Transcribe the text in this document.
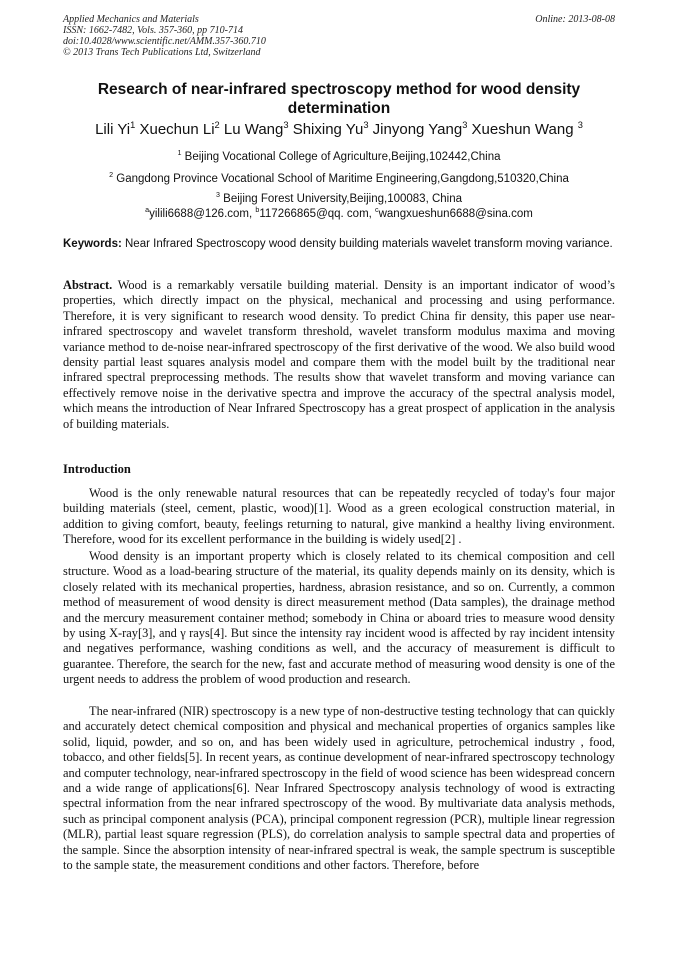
Applied Mechanics and Materials
ISSN: 1662-7482, Vols. 357-360, pp 710-714
doi:10.4028/www.scientific.net/AMM.357-360.710
© 2013 Trans Tech Publications Ltd, Switzerland
Online: 2013-08-08
Research of near-infrared spectroscopy method for wood density determination
Lili Yi$^1$ Xuechun Li$^2$ Lu Wang$^3$ Shixing Yu$^3$ Jinyong Yang$^3$ Xueshun Wang $^3$
$^1$ Beijing Vocational College of Agriculture,Beijing,102442,China
$^2$ Gangdong Province Vocational School of Maritime Engineering,Gangdong,510320,China
$^3$ Beijing Forest University,Beijing,100083, China
$^a$yilili6688@126.com, $^b$117266865@qq. com, $^c$wangxueshun6688@sina.com
Keywords: Near Infrared Spectroscopy wood density building materials wavelet transform moving variance.
Abstract. Wood is a remarkably versatile building material. Density is an important indicator of wood’s properties, which directly impact on the physical, mechanical and processing and using performance. Therefore, it is very significant to research wood density. To predict China fir density, this paper use near-infrared spectroscopy and wavelet transform threshold, wavelet transform modulus maxima and moving variance method to de-noise near-infrared spectroscopy of the first derivative of the wood. We also build wood density partial least squares analysis model and compare them with the model built by the traditional near infrared spectral preprocessing methods. The results show that wavelet transform and moving variance can effectively remove noise in the derivative spectra and improve the accuracy of the spectral analysis model, which means the introduction of Near Infrared Spectroscopy has a great prospect of application in the analysis of building materials.
Introduction
Wood is the only renewable natural resources that can be repeatedly recycled of today's four major building materials (steel, cement, plastic, wood)[1]. Wood as a green ecological construction material, in addition to giving comfort, beauty, feelings returning to natural, give mankind a healthy living environment. Therefore, wood for its excellent performance in the building is widely used[2] .
Wood density is an important property which is closely related to its chemical composition and cell structure. Wood as a load-bearing structure of the material, its quality depends mainly on its density, which is closely related with its mechanical properties, hardness, abrasion resistance, and so on. Currently, a common method of measurement of wood density is direct measurement method (Data samples), the drainage method and the mercury measurement container method; somebody in China or aboard tries to measure wood density by using X-ray[3], and γ rays[4]. But since the intensity ray incident wood is affected by ray incident intensity and negatives performance, washing conditions as well, and the accuracy of measurement is difficult to guarantee. Therefore, the search for the new, fast and accurate method of measuring wood density is one of the urgent needs to address the problem of wood production and research.
The near-infrared (NIR) spectroscopy is a new type of non-destructive testing technology that can quickly and accurately detect chemical composition and physical and mechanical properties of organics samples like solid, liquid, powder, and so on, and has been widely used in agriculture, petrochemical industry , food, tobacco, and other fields[5]. In recent years, as continue development of near-infrared spectroscopy technology and computer technology, near-infrared spectroscopy in the field of wood science has been widespread concern and a wide range of applications[6]. Near Infrared Spectroscopy analysis technology of wood is extracting spectral information from the near infrared spectroscopy of the wood. By multivariate data analysis methods, such as principal component analysis (PCA), principal component regression (PCR), multiple linear regression (MLR), partial least square regression (PLS), do correlation analysis to sample spectral data and properties of the sample. Since the absorption intensity of near-infrared spectral is weak, the sample spectrum is susceptible to the sample state, the measurement conditions and other factors. Therefore, before
